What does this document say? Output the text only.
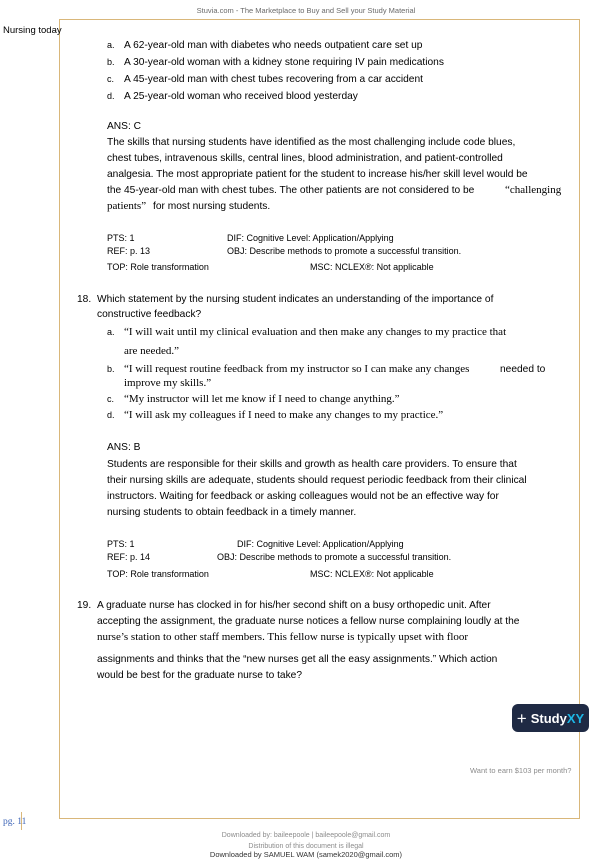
Stuvia.com - The Marketplace to Buy and Sell your Study Material
Nursing today
a. A 62-year-old man with diabetes who needs outpatient care set up
b. A 30-year-old woman with a kidney stone requiring IV pain medications
c. A 45-year-old man with chest tubes recovering from a car accident
d. A 25-year-old woman who received blood yesterday
ANS: C
The skills that nursing students have identified as the most challenging include code blues,
chest tubes, intravenous skills, central lines, blood administration, and patient-controlled
analgesia. The most appropriate patient for the student to increase his/her skill level would be
the 45-year-old man with chest tubes. The other patients are not considered to be	“challenging
patients” for most nursing students.
PTS: 1	DIF: Cognitive Level: Application/Applying
REF: p. 13	OBJ: Describe methods to promote a successful transition.
TOP: Role transformation	MSC: NCLEX®: Not applicable
18. Which statement by the nursing student indicates an understanding of the importance of
constructive feedback?
a. “I will wait until my clinical evaluation and then make any changes to my practice that
are needed.”
b. “I will request routine feedback from my instructor so I can make any changes	needed to
improve my skills.”
c. “My instructor will let me know if I need to change anything.”
d. “I will ask my colleagues if I need to make any changes to my practice.”
ANS: B
Students are responsible for their skills and growth as health care providers. To ensure that
their nursing skills are adequate, students should request periodic feedback from their clinical
instructors. Waiting for feedback or asking colleagues would not be an effective way for
nursing students to obtain feedback in a timely manner.
PTS: 1	DIF: Cognitive Level: Application/Applying
REF: p. 14	OBJ: Describe methods to promote a successful transition.
TOP: Role transformation	MSC: NCLEX®: Not applicable
19. A graduate nurse has clocked in for his/her second shift on a busy orthopedic unit. After
accepting the assignment, the graduate nurse notices a fellow nurse complaining loudly at the
nurse’s station to other staff members. This fellow nurse is typically upset with floor
assignments and thinks that the “new nurses get all the easy assignments.” Which action
would be best for the graduate nurse to take?
+ StudyXY
Want to earn $103 per month?
pg. 11
Downloaded by: baileepoole | baileepoole@gmail.com
Distribution of this document is illegal
Downloaded by SAMUEL WAM (samek2020@gmail.com)
